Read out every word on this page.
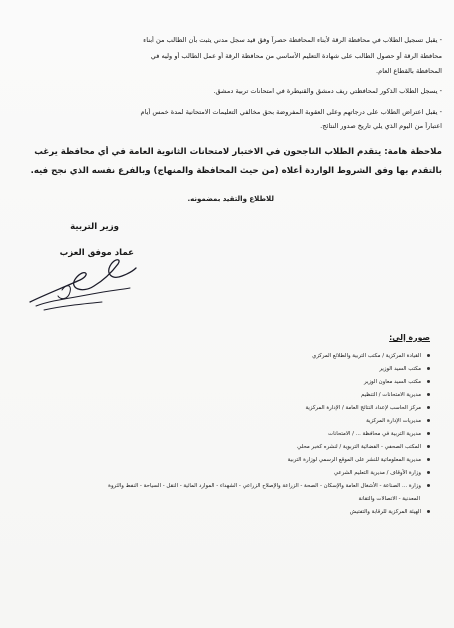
- يقبل تسجيل الطلاب في محافظة الرقة لأبناء المحافظة حصراً وفق قيد سجل مدني يثبت بأن الطالب من أبناء
محافظة الرقة أو حصول الطالب على شهادة التعليم الأساسي من محافظة الرقة أو عمل الطالب أو وليه في
المحافظة بالقطاع العام.
- يسجل الطلاب الذكور لمحافظتي ريف دمشق والقنيطرة في امتحانات تربية دمشق.
- يقبل اعتراض الطلاب على درجاتهم وعلى العقوبة المفروضة بحق مخالفي التعليمات الامتحانية لمدة خمس أيام
اعتباراً من اليوم الذي يلي تاريخ صدور النتائج.
ملاحظة هامة: يتقدم الطلاب الناجحون في الاختبار لامتحانات الثانوية العامة في أي محافظة يرغب
بالتقدم بها وفق الشروط الواردة أعلاه (من حيث المحافظة والمنهاج) وبالفرع نفسه الذي نجح فيه.
للاطلاع والتقيد بمضمونه.
وزير التربية
عماد موفق العزب
صورة إلى:
القيادة المركزية / مكتب التربية والطلائع المركزي
مكتب السيد الوزير
مكتب السيد معاون الوزير
مديرية الامتحانات / التنظيم
مركز الحاسب لإعداد النتائج العامة / الإدارة المركزية
مديريات الإدارة المركزية
مديرية التربية في محافظة ... / الامتحانات
المكتب الصحفي - الفضائية التربوية / لنشره كخبر محلي
مديرية المعلوماتية للنشر على الموقع الرسمي لوزارة التربية
وزارة الأوقاف / مديرية التعليم الشرعي
وزارة ... الصناعة - الأشغال العامة والإسكان - الصحة - الزراعة والإصلاح الزراعي - الشهداء - الموارد المائية - النقل - السياحة - النفط والثروة
المعدنية - الاتصالات والتقانة
الهيئة المركزية للرقابة والتفتيش
